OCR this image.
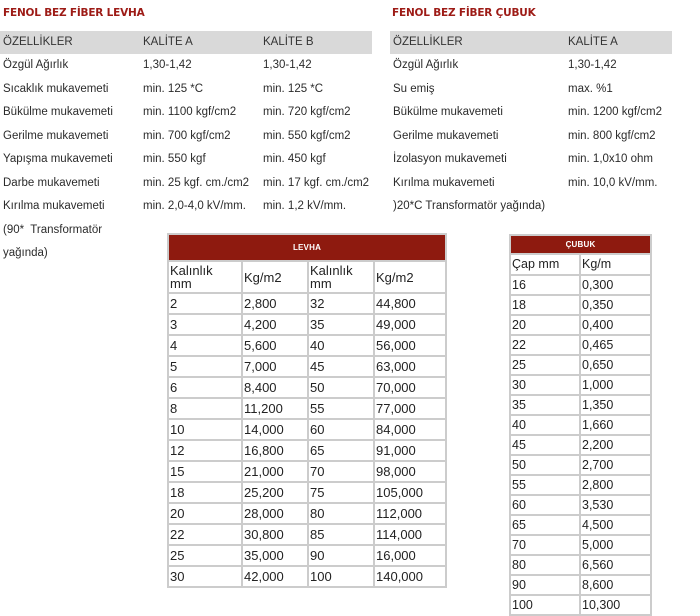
FENOL BEZ FİBER LEVHA	FENOL BEZ FİBER ÇUBUK
ÖZELLİKLER	KALİTE A	KALİTE B
Özgül Ağırlık	1,30-1,42	1,30-1,42
Sıcaklık mukavemeti	min. 125 *C	min. 125 *C
Bükülme mukavemeti	min. 1100 kgf/cm2 min. 720 kgf/cm2
Gerilme mukavemeti	min. 700 kgf/cm2	min. 550 kgf/cm2
Yapışma mukavemeti	min. 550 kgf	min. 450 kgf
Darbe mukavemeti	min. 25 kgf. cm./cm2 min. 17 kgf. cm./cm2
Kırılma mukavemeti	min. 2,0-4,0 kV/mm. min. 1,2 kV/mm.
(90*  Transformatör
yağında)
ÖZELLİKLER	KALİTE A
Özgül Ağırlık	1,30-1,42
Su emiş	max. %1
Bükülme mukavemeti	min. 1200 kgf/cm2
Gerilme mukavemeti	min. 800 kgf/cm2
İzolasyon mukavemeti	min. 1,0x10 ohm
Kırılma mukavemeti	min. 10,0 kV/mm.
)20*C Transformatör yağında)
LEVHA			

Kalınlık mm	Kg/m2	Kalınlık mm	Kg/m2
2	2,800	32	44,800
3	4,200	35	49,000
4	5,600	40	56,000
5	7,000	45	63,000
6	8,400	50	70,000
8	11,200	55	77,000
10	14,000	60	84,000
12	16,800	65	91,000
15	21,000	70	98,000
18	25,200	75	105,000
20	28,000	80	112,000
22	30,800	85	114,000
25	35,000	90	16,000
30	42,000	100	140,000
ÇUBUK	
Çap mm	Kg/m
16	0,300
18	0,350
20	0,400
22	0,465
25	0,650
30	1,000
35	1,350
40	1,660
45	2,200
50	2,700
55	2,800
60	3,530
65	4,500
70	5,000
80	6,560
90	8,600
100	10,300
